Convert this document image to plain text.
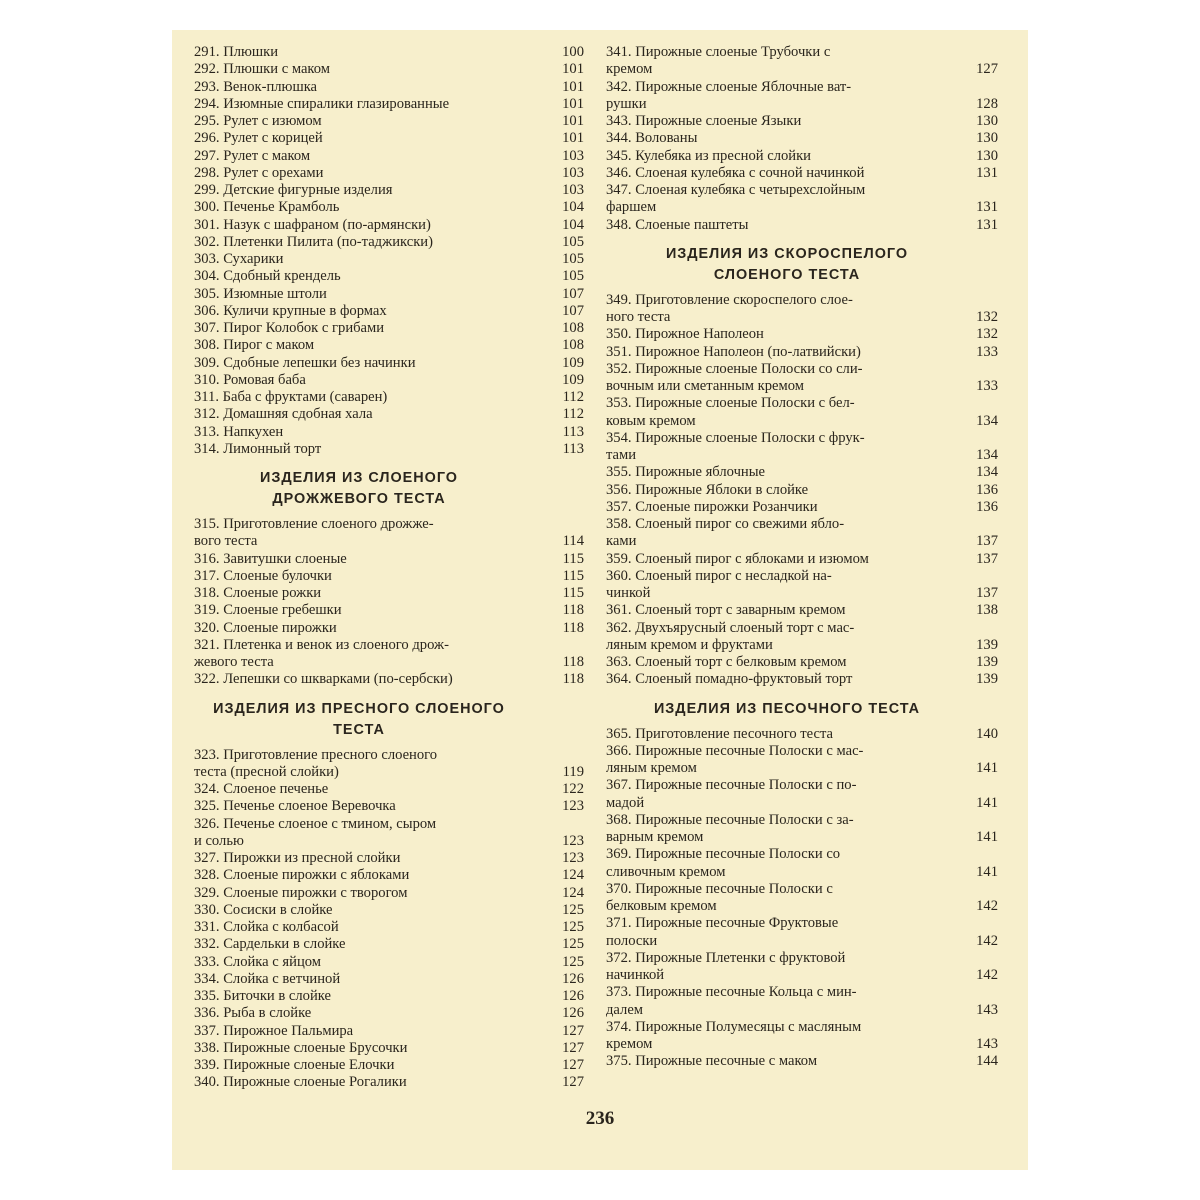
291. Плюшки	100
292. Плюшки с маком	101
293. Венок-плюшка	101
294. Изюмные спиралики глазированные	101
295. Рулет с изюмом	101
296. Рулет с корицей	101
297. Рулет с маком	103
298. Рулет с орехами	103
299. Детские фигурные изделия	103
300. Печенье Крамболь	104
301. Назук с шафраном (по-армянски)	104
302. Плетенки Пилита (по-таджикски)	105
303. Сухарики	105
304. Сдобный крендель	105
305. Изюмные штоли	107
306. Куличи крупные в формах	107
307. Пирог Колобок с грибами	108
308. Пирог с маком	108
309. Сдобные лепешки без начинки	109
310. Ромовая баба	109
311. Баба с фруктами (саварен)	112
312. Домашняя сдобная хала	112
313. Напкухен	113
314. Лимонный торт	113
ИЗДЕЛИЯ ИЗ СЛОЕНОГО
ДРОЖЖЕВОГО ТЕСТА
315. Приготовление слоеного дрожже-
вого теста	114
316. Завитушки слоеные	115
317. Слоеные булочки	115
318. Слоеные рожки	115
319. Слоеные гребешки	118
320. Слоеные пирожки	118
321. Плетенка и венок из слоеного дрож-
жевого теста	118
322. Лепешки со шкварками (по-сербски)	118
ИЗДЕЛИЯ ИЗ ПРЕСНОГО СЛОЕНОГО
ТЕСТА
323. Приготовление пресного слоеного
теста (пресной слойки)	119
324. Слоеное печенье	122
325. Печенье слоеное Веревочка	123
326. Печенье слоеное с тмином, сыром
и солью	123
327. Пирожки из пресной слойки	123
328. Слоеные пирожки с яблоками	124
329. Слоеные пирожки с творогом	124
330. Сосиски в слойке	125
331. Слойка с колбасой	125
332. Сардельки в слойке	125
333. Слойка с яйцом	125
334. Слойка с ветчиной	126
335. Биточки в слойке	126
336. Рыба в слойке	126
337. Пирожное Пальмира	127
338. Пирожные слоеные Брусочки	127
339. Пирожные слоеные Елочки	127
340. Пирожные слоеные Рогалики	127
341. Пирожные слоеные Трубочки с
кремом	127
342. Пирожные слоеные Яблочные ват-
рушки	128
343. Пирожные слоеные Языки	130
344. Волованы	130
345. Кулебяка из пресной слойки	130
346. Слоеная кулебяка с сочной начинкой	131
347. Слоеная кулебяка с четырехслойным
фаршем	131
348. Слоеные паштеты	131
ИЗДЕЛИЯ ИЗ СКОРОСПЕЛОГО
СЛОЕНОГО ТЕСТА
349. Приготовление скороспелого слое-
ного теста	132
350. Пирожное Наполеон	132
351. Пирожное Наполеон (по-латвийски)	133
352. Пирожные слоеные Полоски со сли-
вочным или сметанным кремом	133
353. Пирожные слоеные Полоски с бел-
ковым кремом	134
354. Пирожные слоеные Полоски с фрук-
тами	134
355. Пирожные яблочные	134
356. Пирожные Яблоки в слойке	136
357. Слоеные пирожки Розанчики	136
358. Слоеный пирог со свежими ябло-
ками	137
359. Слоеный пирог с яблоками и изюмом	137
360. Слоеный пирог с несладкой на-
чинкой	137
361. Слоеный торт с заварным кремом	138
362. Двухъярусный слоеный торт с мас-
ляным кремом и фруктами	139
363. Слоеный торт с белковым кремом	139
364. Слоеный помадно-фруктовый торт	139
ИЗДЕЛИЯ ИЗ ПЕСОЧНОГО ТЕСТА
365. Приготовление песочного теста	140
366. Пирожные песочные Полоски с мас-
ляным кремом	141
367. Пирожные песочные Полоски с по-
мадой	141
368. Пирожные песочные Полоски с за-
варным кремом	141
369. Пирожные песочные Полоски со
сливочным кремом	141
370. Пирожные песочные Полоски с
белковым кремом	142
371. Пирожные песочные Фруктовые
полоски	142
372. Пирожные Плетенки с фруктовой
начинкой	142
373. Пирожные песочные Кольца с мин-
далем	143
374. Пирожные Полумесяцы с масляным
кремом	143
375. Пирожные песочные с маком	144
236
